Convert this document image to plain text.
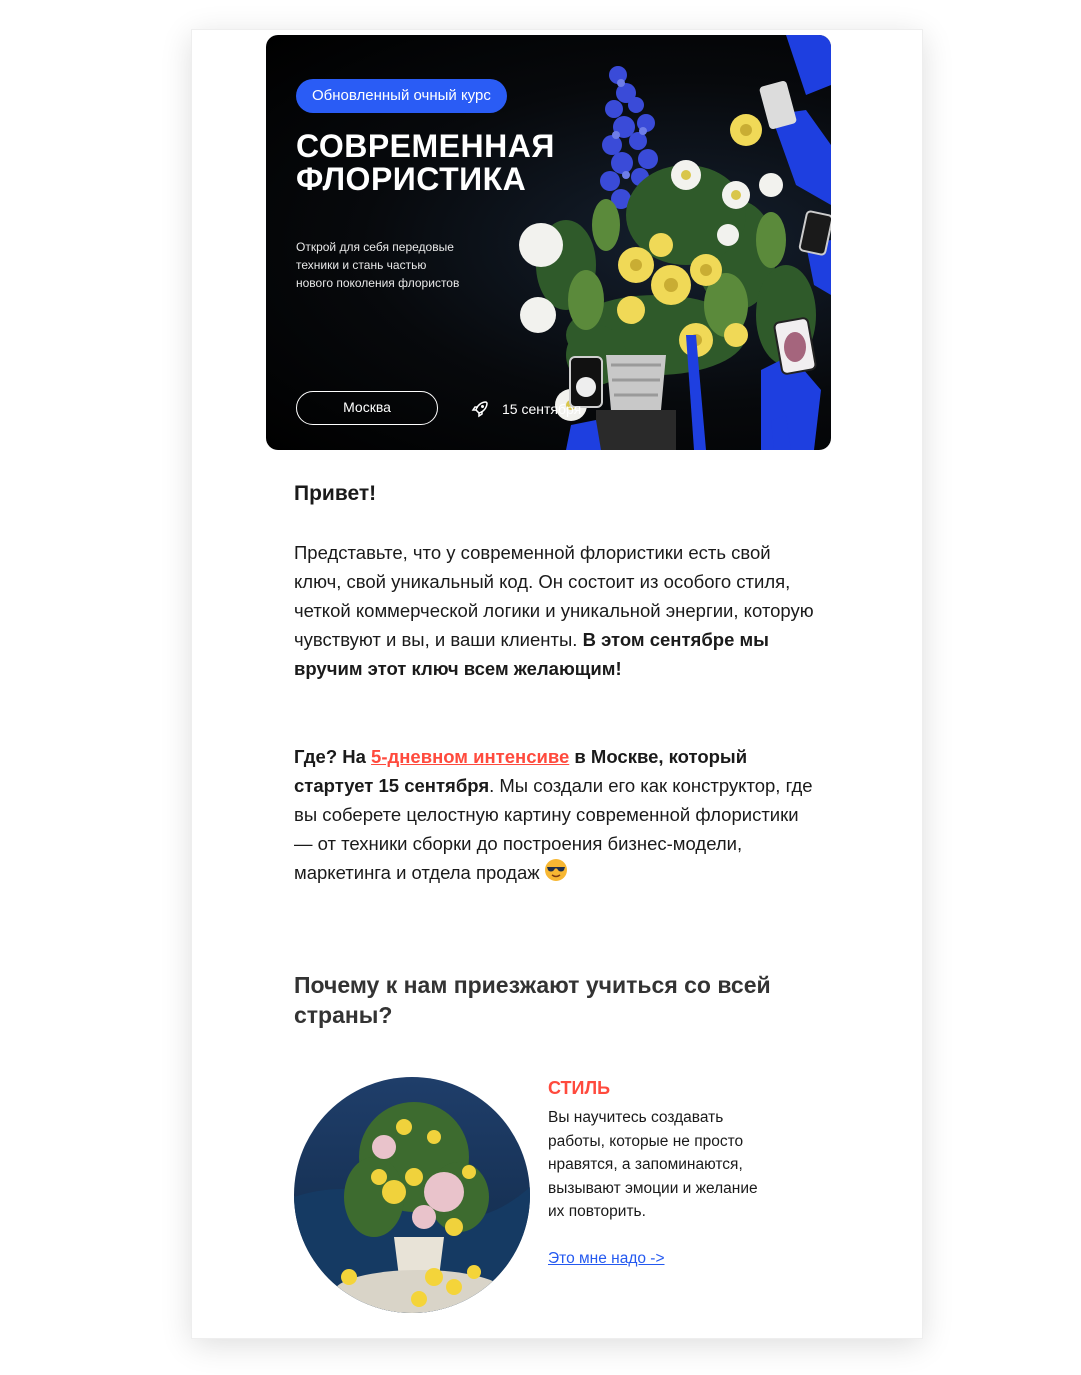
Обновленный очный курс
СОВРЕМЕННАЯ
ФЛОРИСТИКА
Открой для себя передовые
техники и стань частью
нового поколения флористов
Москва	15 сентября
Привет!
Представьте, что у современной флористики есть свой ключ, свой уникальный код. Он состоит из особого стиля, четкой коммерческой логики и уникальной энергии, которую чувствуют и вы, и ваши клиенты. В этом сентябре мы вручим этот ключ всем желающим!
Где? На 5-дневном интенсиве в Москве, который стартует 15 сентября. Мы создали его как конструктор, где вы соберете целостную картину современной флористики — от техники сборки до построения бизнес-модели, маркетинга и отдела продаж
Почему к нам приезжают учиться со всей страны?
СТИЛЬ
Вы научитесь создавать
работы, которые не просто
нравятся, а запоминаются,
вызывают эмоции и желание
их повторить.
Это мне надо ->
